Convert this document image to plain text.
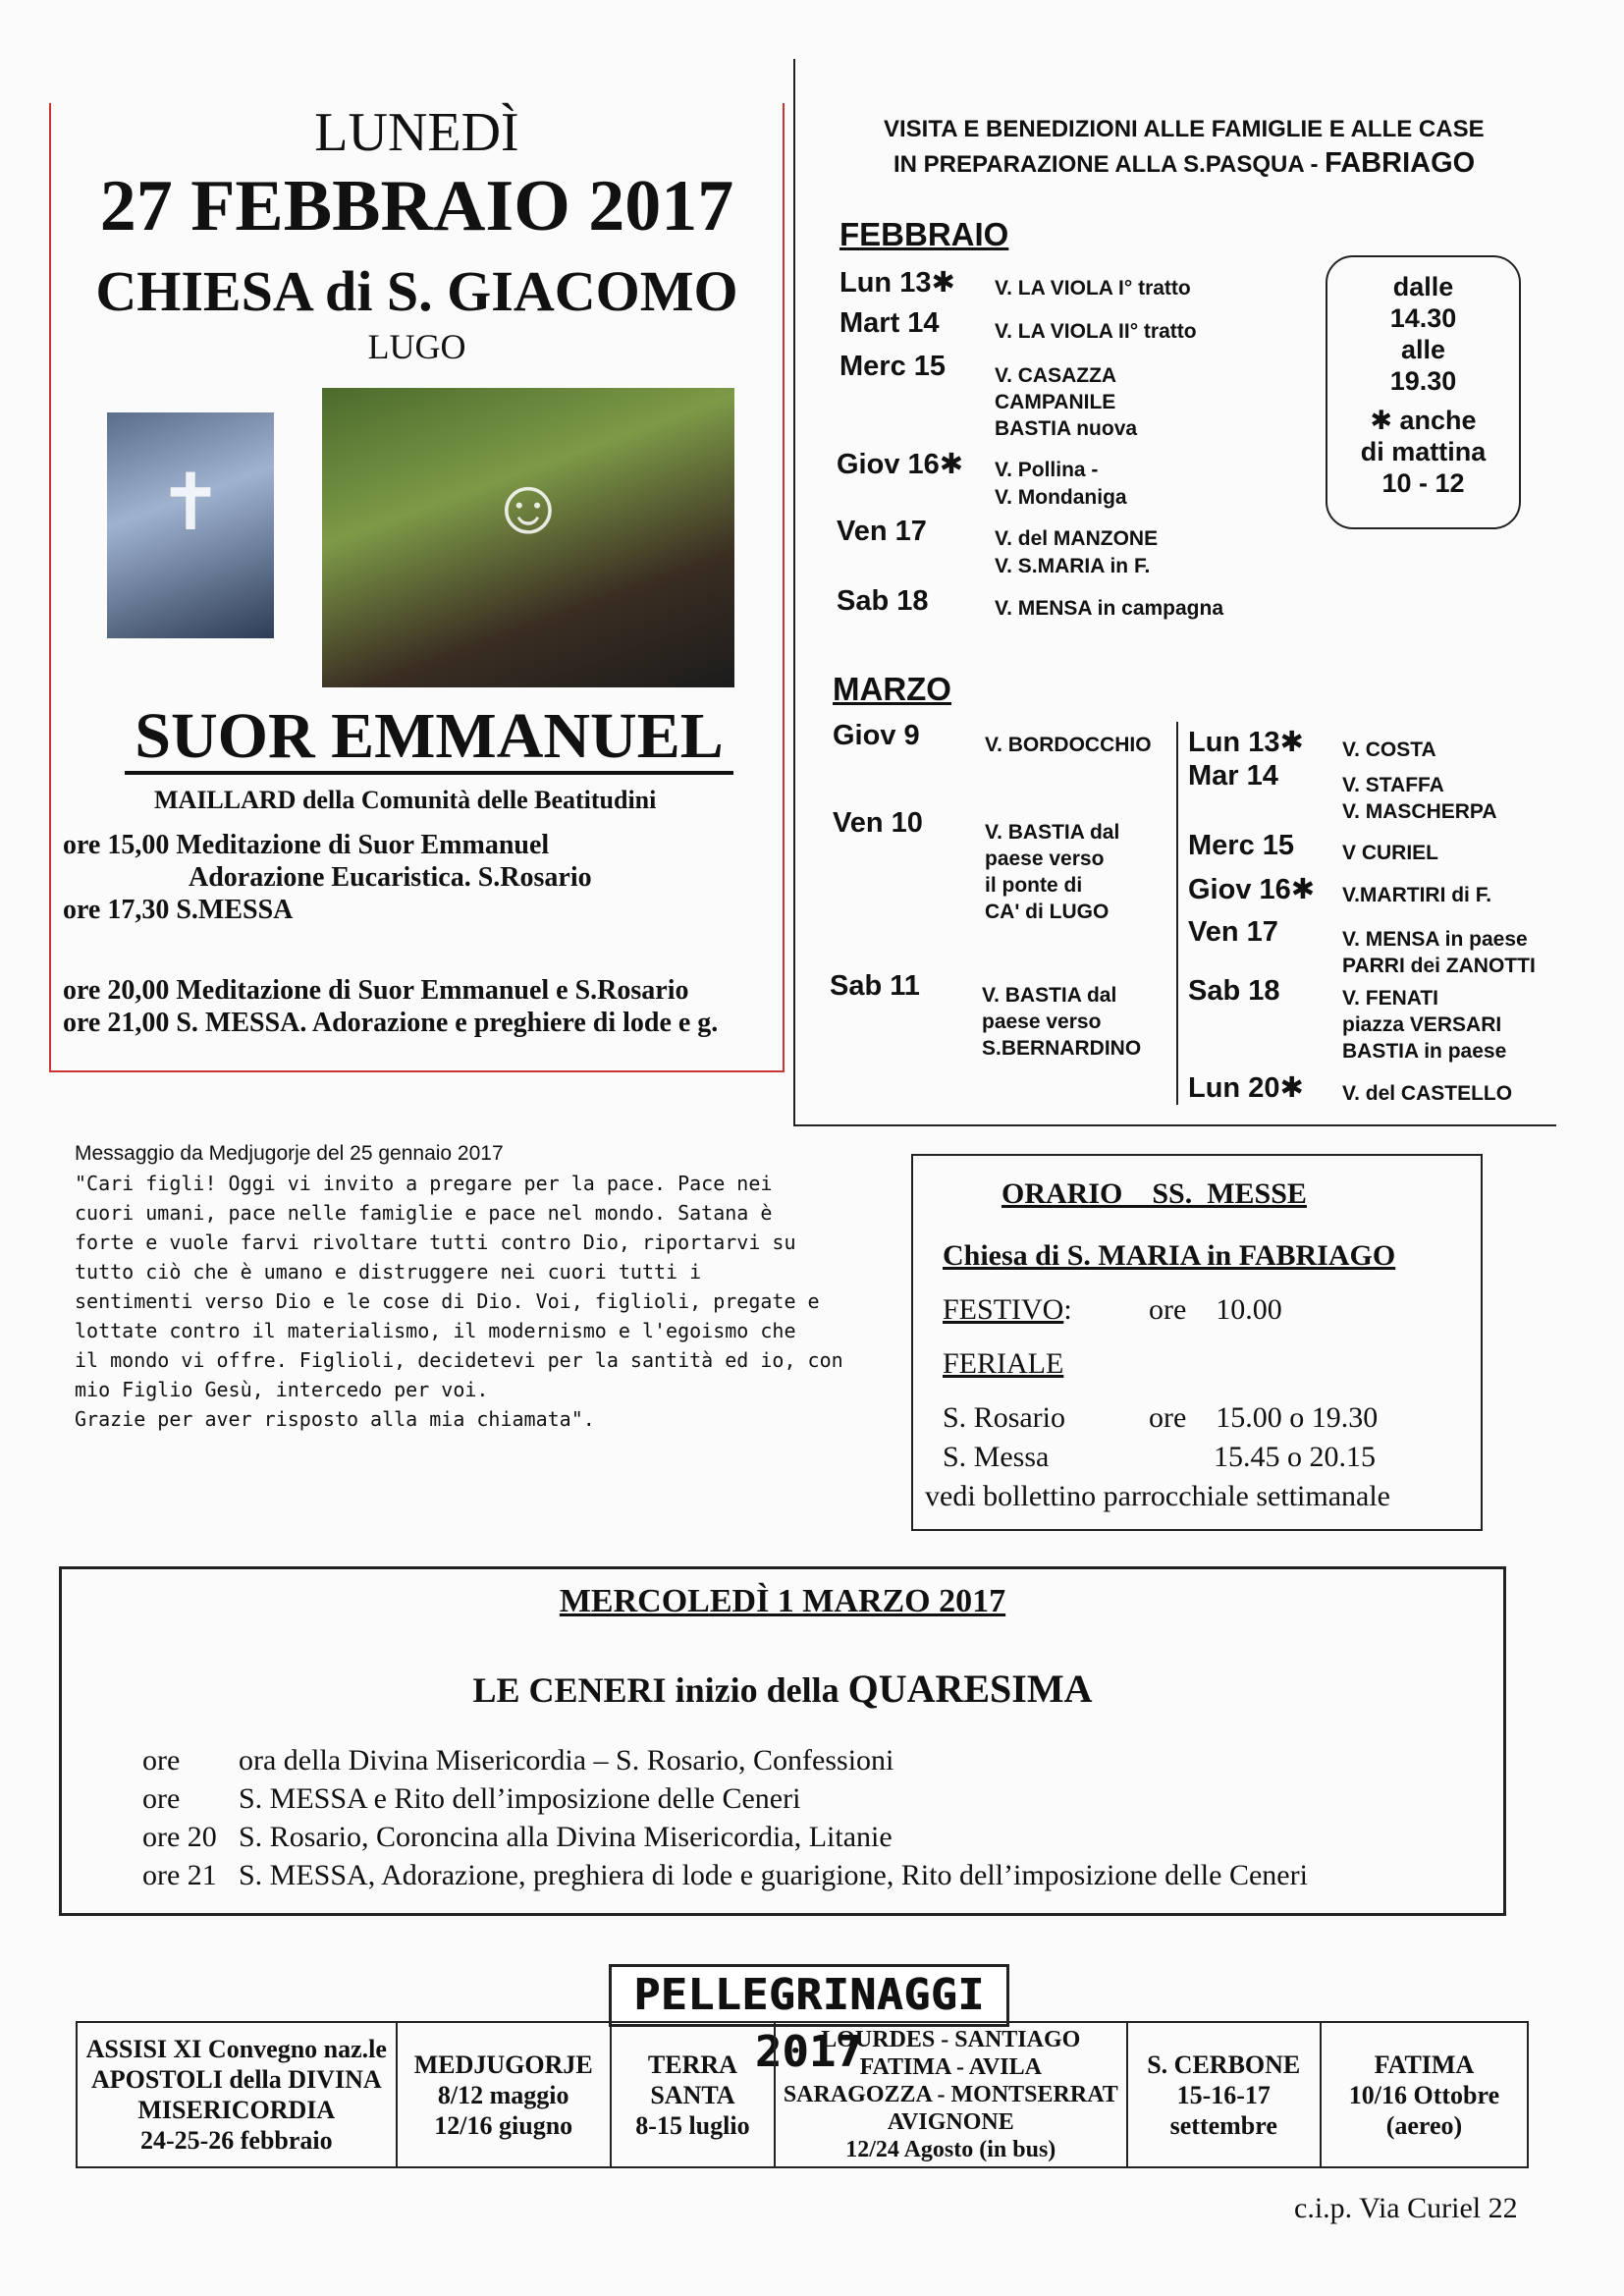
LUNEDÌ
27 FEBBRAIO 2017
CHIESA di S. GIACOMO
LUGO
✝	☺
SUOR EMMANUEL
MAILLARD della Comunità delle Beatitudini
ore 15,00 Meditazione di Suor Emmanuel
Adorazione Eucaristica. S.Rosario
ore 17,30 S.MESSA
ore 20,00 Meditazione di Suor Emmanuel e S.Rosario
ore 21,00 S. MESSA. Adorazione e preghiere di lode e g.
VISITA E BENEDIZIONI ALLE FAMIGLIE E ALLE CASE
IN PREPARAZIONE ALLA S.PASQUA - FABRIAGO
FEBBRAIO
Lun 13✱ V. LA VIOLA I° tratto
Mart 14	V. LA VIOLA II° tratto
Merc 15 V. CASAZZA
CAMPANILE
BASTIA nuova
Giov 16✱ V. Pollina -
V. Mondaniga
Ven 17	V. del MANZONE
V. S.MARIA in F.
Sab 18	V. MENSA in campagna
dalle
14.30
alle
19.30
✱ anche
di mattina
10 - 12
MARZO
Giov 9	V. BORDOCCHIO
Ven 10	V. BASTIA dal
paese verso
il ponte di
CA' di LUGO
Sab 11	V. BASTIA dal
paese verso
S.BERNARDINO
Lun 13✱ V. COSTA
Mar 14	V. STAFFA
V. MASCHERPA
Merc 15 V CURIEL
Giov 16✱ V.MARTIRI di F.
Ven 17	V. MENSA in paese
PARRI dei ZANOTTI
Sab 18	V. FENATI
piazza VERSARI
BASTIA in paese
Lun 20✱ V. del CASTELLO
Messaggio da Medjugorje del 25 gennaio 2017
"Cari figli! Oggi vi invito a pregare per la pace. Pace nei
cuori umani, pace nelle famiglie e pace nel mondo. Satana è
forte e vuole farvi rivoltare tutti contro Dio, riportarvi su
tutto ciò che è umano e distruggere nei cuori tutti i
sentimenti verso Dio e le cose di Dio. Voi, figlioli, pregate e
lottate contro il materialismo, il modernismo e l'egoismo che
il mondo vi offre. Figlioli, decidetevi per la santità ed io, con
mio Figlio Gesù, intercedo per voi.
Grazie per aver risposto alla mia chiamata".
ORARIO    SS.  MESSE
Chiesa di S. MARIA in FABRIAGO
FESTIVO:	ore    10.00
FERIALE
S. Rosario	ore    15.00 o 19.30
S. Messa	15.45 o 20.15
vedi bollettino parrocchiale settimanale
MERCOLEDÌ 1 MARZO 2017
LE CENERI inizio della QUARESIMA
ore ora della Divina Misericordia – S. Rosario, Confessioni
ore S. MESSA e Rito dell’imposizione delle Ceneri
ore 20 S. Rosario, Coroncina alla Divina Misericordia, Litanie
ore 21 S. MESSA, Adorazione, preghiera di lode e guarigione, Rito dell’imposizione delle Ceneri
PELLEGRINAGGI 2017
ASSISI XI Convegno naz.le
APOSTOLI della DIVINA
MISERICORDIA
24-25-26 febbraio

MEDJUGORJE
8/12 maggio
12/16 giugno

TERRA
SANTA
8-15 luglio

LOURDES - SANTIAGO
FATIMA - AVILA
SARAGOZZA - MONTSERRAT
AVIGNONE
12/24 Agosto (in bus)

S. CERBONE
15-16-17
settembre

FATIMA
10/16 Ottobre
(aereo)
c.i.p. Via Curiel 22
